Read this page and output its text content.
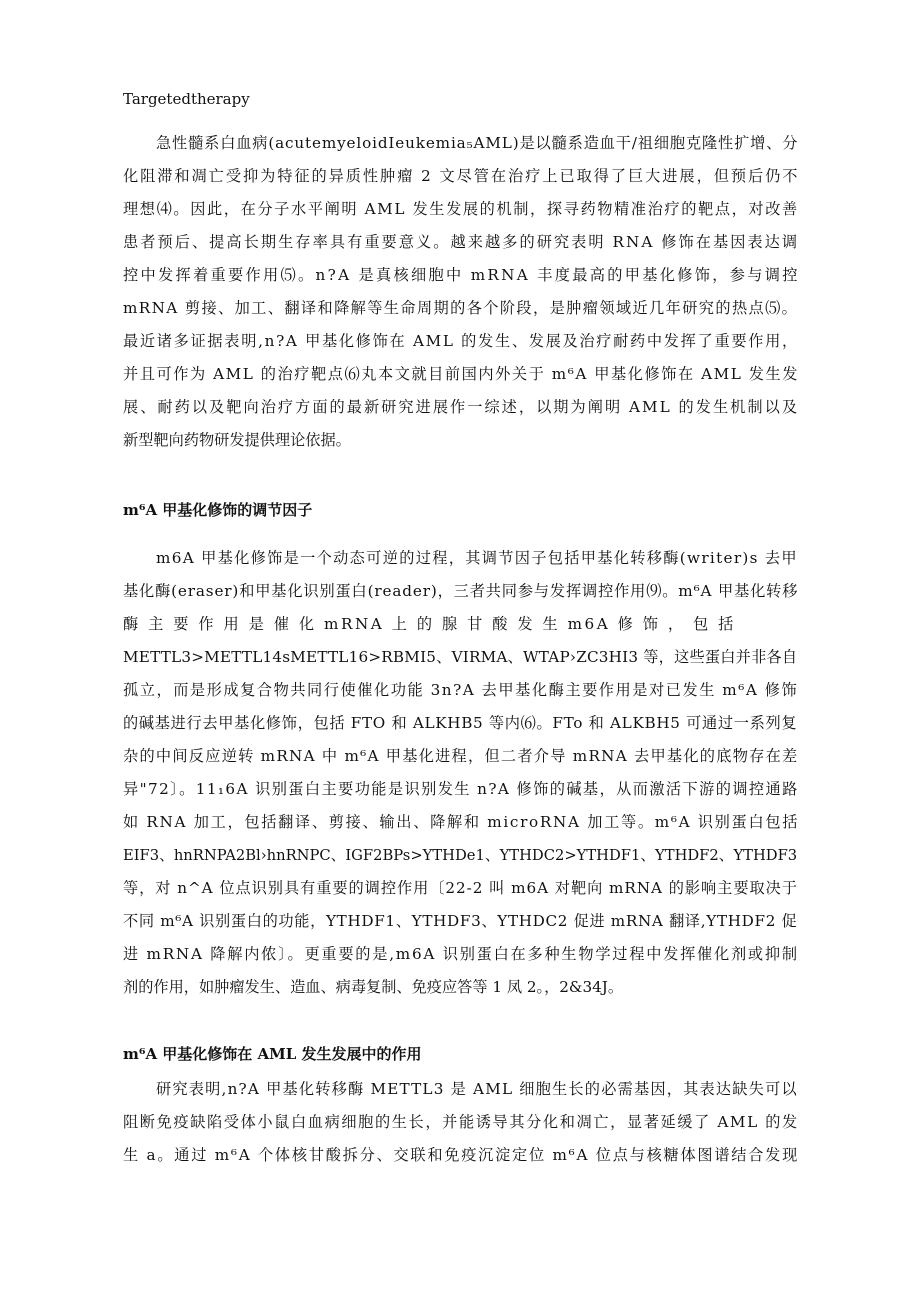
Targetedtherapy
急性髓系白血病(acutemyeloidIeukemia₅AML)是以髓系造血干/祖细胞克隆性扩增、分
化阻滞和凋亡受抑为特征的异质性肿瘤 2 文尽管在治疗上已取得了巨大进展，但预后仍不
理想⑷。因此，在分子水平阐明 AML 发生发展的机制，探寻药物精准治疗的靶点，对改善
患者预后、提高长期生存率具有重要意义。越来越多的研究表明 RNA 修饰在基因表达调
控中发挥着重要作用⑸。n?A 是真核细胞中 mRNA 丰度最高的甲基化修饰，参与调控
mRNA 剪接、加工、翻译和降解等生命周期的各个阶段，是肿瘤领域近几年研究的热点⑸。
最近诸多证据表明,n?A 甲基化修饰在 AML 的发生、发展及治疗耐药中发挥了重要作用，
并且可作为 AML 的治疗靶点⑹丸本文就目前国内外关于 m⁶A 甲基化修饰在 AML 发生发
展、耐药以及靶向治疗方面的最新研究进展作一综述，以期为阐明 AML 的发生机制以及
新型靶向药物研发提供理论依据。
m⁶A 甲基化修饰的调节因子
m6A 甲基化修饰是一个动态可逆的过程，其调节因子包括甲基化转移酶(writer)s 去甲
基化酶(eraser)和甲基化识别蛋白(reader)，三者共同参与发挥调控作用⑼。m⁶A 甲基化转移
酶 主 要 作 用 是 催 化 mRNA 上 的 腺 甘 酸 发 生 m6A 修 饰 ， 包 括
METTL3>METTL14sMETTL16>RBMI5、VIRMA、WTAP›ZC3HI3 等，这些蛋白并非各自
孤立，而是形成复合物共同行使催化功能 3n?A 去甲基化酶主要作用是对已发生 m⁶A 修饰
的碱基进行去甲基化修饰，包括 FTO 和 ALKHB5 等内⑹。FTo 和 ALKBH5 可通过一系列复
杂的中间反应逆转 mRNA 中 m⁶A 甲基化进程，但二者介导 mRNA 去甲基化的底物存在差
异"72〕。11₁6A 识别蛋白主要功能是识别发生 n?A 修饰的碱基，从而激活下游的调控通路
如 RNA 加工，包括翻译、剪接、输出、降解和 microRNA 加工等。m⁶A 识别蛋白包括
EIF3、hnRNPA2Bl›hnRNPC、IGF2BPs>YTHDe1、YTHDC2>YTHDF1、YTHDF2、YTHDF3
等，对 n^A 位点识别具有重要的调控作用〔22-2 叫 m6A 对靶向 mRNA 的影响主要取决于
不同 m⁶A 识别蛋白的功能，YTHDF1、YTHDF3、YTHDC2 促进 mRNA 翻译,YTHDF2 促
进 mRNA 降解内侬〕。更重要的是,m6A 识别蛋白在多种生物学过程中发挥催化剂或抑制
剂的作用，如肿瘤发生、造血、病毒复制、免疫应答等 1 凤 2。，2&34J。
m⁶A 甲基化修饰在 AML 发生发展中的作用
研究表明,n?A 甲基化转移酶 METTL3 是 AML 细胞生长的必需基因，其表达缺失可以
阻断免疫缺陷受体小鼠白血病细胞的生长，并能诱导其分化和凋亡，显著延缓了 AML 的发
生 a。通过 m⁶A 个体核甘酸拆分、交联和免疫沉淀定位 m⁶A 位点与核糖体图谱结合发现
